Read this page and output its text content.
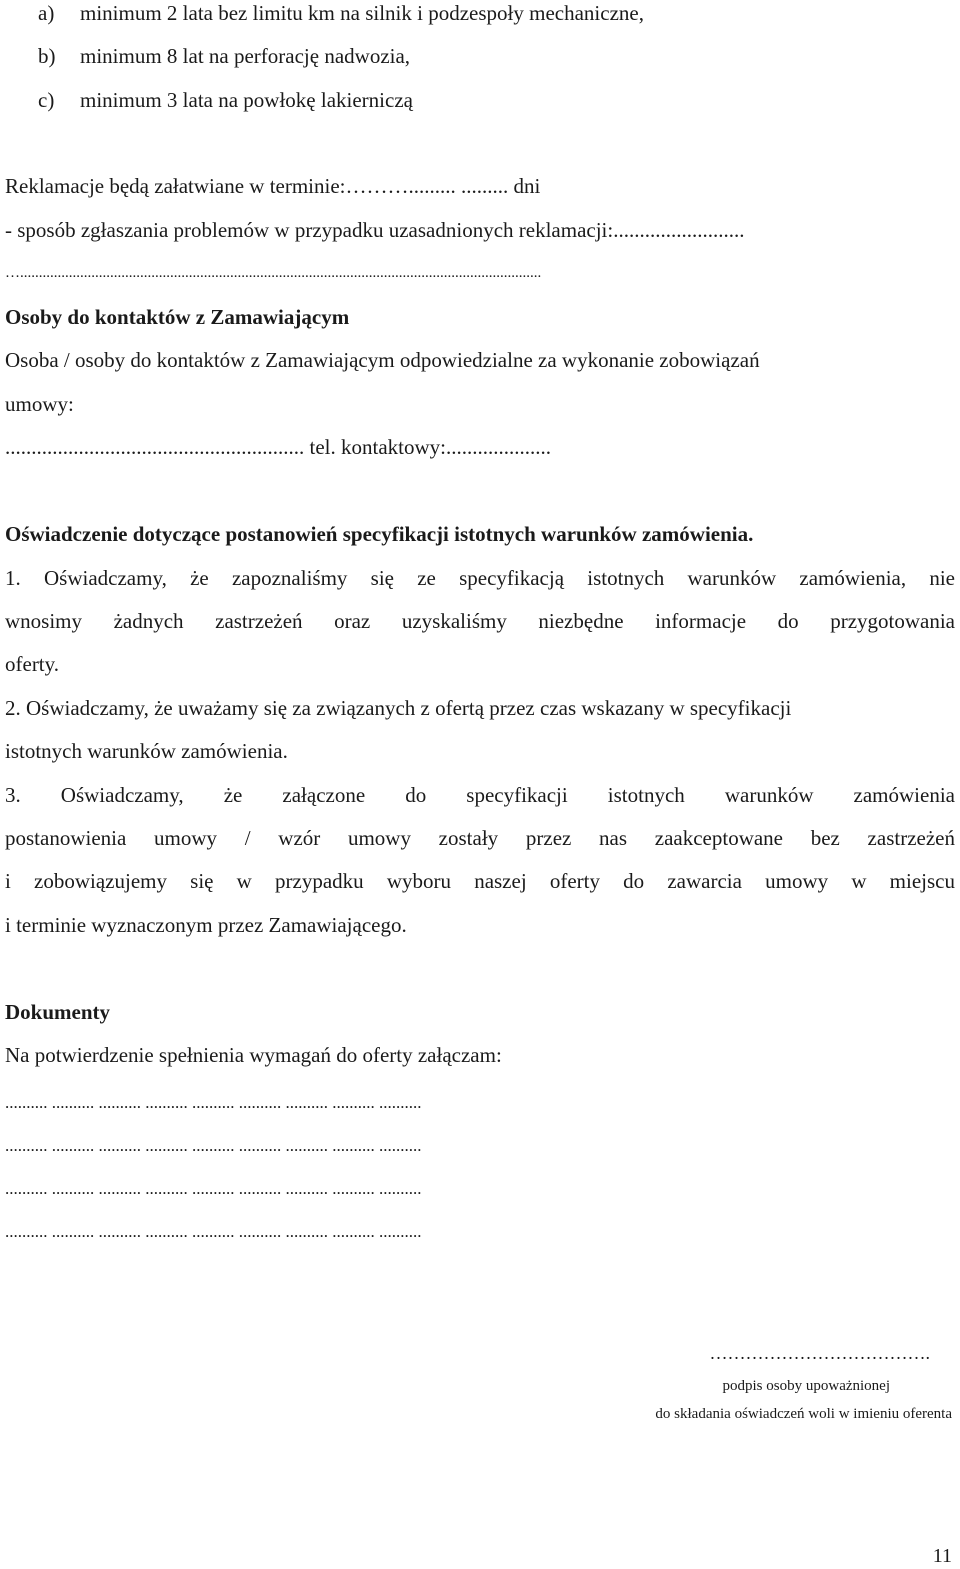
a) minimum 2 lata bez limitu km na silnik i podzespoły mechaniczne,

b) minimum 8 lat na perforację nadwozia,

c) minimum 3 lata na powłokę lakierniczą

Reklamacje będą załatwiane w terminie:………......... ......... dni

- sposób zgłaszania problemów w przypadku uzasadnionych reklamacji:.........................

…...........................................................................................................................................

Osoby do kontaktów z Zamawiającym

Osoba / osoby do kontaktów z Zamawiającym odpowiedzialne za wykonanie zobowiązań

umowy:

......................................................... tel. kontaktowy:....................

Oświadczenie dotyczące postanowień specyfikacji istotnych warunków zamówienia.

1. Oświadczamy, że zapoznaliśmy się ze specyfikacją istotnych warunków zamówienia, nie

wnosimy żadnych zastrzeżeń oraz uzyskaliśmy niezbędne informacje do przygotowania

oferty.

2. Oświadczamy, że uważamy się za związanych z ofertą przez czas wskazany w specyfikacji

istotnych warunków zamówienia.

3. Oświadczamy, że załączone do specyfikacji istotnych warunków zamówienia

postanowienia umowy / wzór umowy zostały przez nas zaakceptowane bez zastrzeżeń

i zobowiązujemy się w przypadku wyboru naszej oferty do zawarcia umowy w miejscu

i terminie wyznaczonym przez Zamawiającego.

Dokumenty

Na potwierdzenie spełnienia wymagań do oferty załączam:

.......... .......... .......... .......... .......... .......... .......... .......... ..........

.......... .......... .......... .......... .......... .......... .......... .......... ..........

.......... .......... .......... .......... .......... .......... .......... .......... ..........

.......... .......... .......... .......... .......... .......... .......... .......... ..........

……………………………….
podpis osoby upoważnionej
do składania oświadczeń woli w imieniu oferenta
11
